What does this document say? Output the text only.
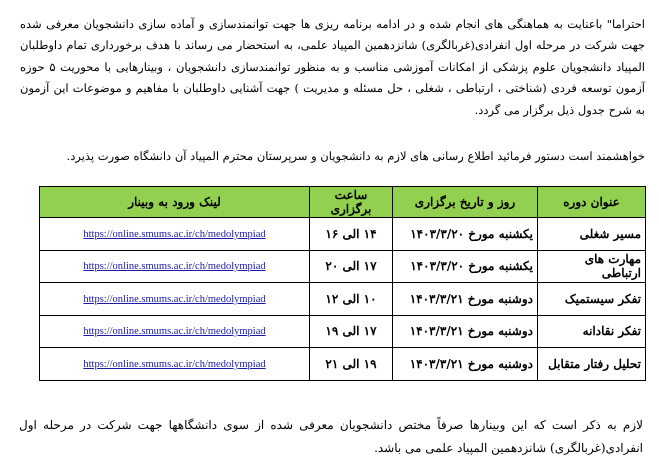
احتراما" باعنایت به هماهنگی های انجام شده و در ادامه برنامه ریزی ها جهت توانمندسازی و آماده سازی دانشجویان معرفی شده جهت شرکت در مرحله اول انفرادی(غربالگری) شانزدهمین المپیاد علمی، به استحضار می رساند با هدف برخورداری تمام داوطلبان المپیاد دانشجویان علوم پزشکی از امکانات آموزشی مناسب و به منظور توانمندسازی دانشجویان ، وبینارهایی با محوریت ۵ حوزه آزمون توسعه فردی (شناختی ، ارتباطی ، شغلی ، حل مسئله و مدیریت ) جهت آشنایی داوطلبان با مفاهیم و موضوعات این آزمون به شرح جدول ذیل برگزار می گردد.

خواهشمند است دستور فرمائید اطلاع رسانی های لازم به دانشجویان و سرپرستان محترم المپیاد آن دانشگاه صورت پذیرد.

عنوان دوره	روز و تاریخ برگزاری	ساعت برگزاری	لینک ورود به وبینار
مسیر شغلی	یکشنبه مورخ ۱۴۰۳/۳/۲۰	۱۴ الی ۱۶	https://online.smums.ac.ir/ch/medolympiad
مهارت های ارتباطی	یکشنبه مورخ ۱۴۰۳/۳/۲۰	۱۷ الی ۲۰	https://online.smums.ac.ir/ch/medolympiad
تفکر سیستمیک	دوشنبه مورخ ۱۴۰۳/۳/۲۱	۱۰ الی ۱۲	https://online.smums.ac.ir/ch/medolympiad
تفکر نقادانه	دوشنبه مورخ ۱۴۰۳/۳/۲۱	۱۷ الی ۱۹	https://online.smums.ac.ir/ch/medolympiad
تحلیل رفتار متقابل	دوشنبه مورخ ۱۴۰۳/۳/۲۱	۱۹ الی ۲۱	https://online.smums.ac.ir/ch/medolympiad

لازم به ذکر است که این وبینارها صرفاً مختص دانشجویان معرفی شده از سوی دانشگاهها جهت شرکت در مرحله اول انفرادی(غربالگری) شانزدهمین المپیاد علمی می باشد.
